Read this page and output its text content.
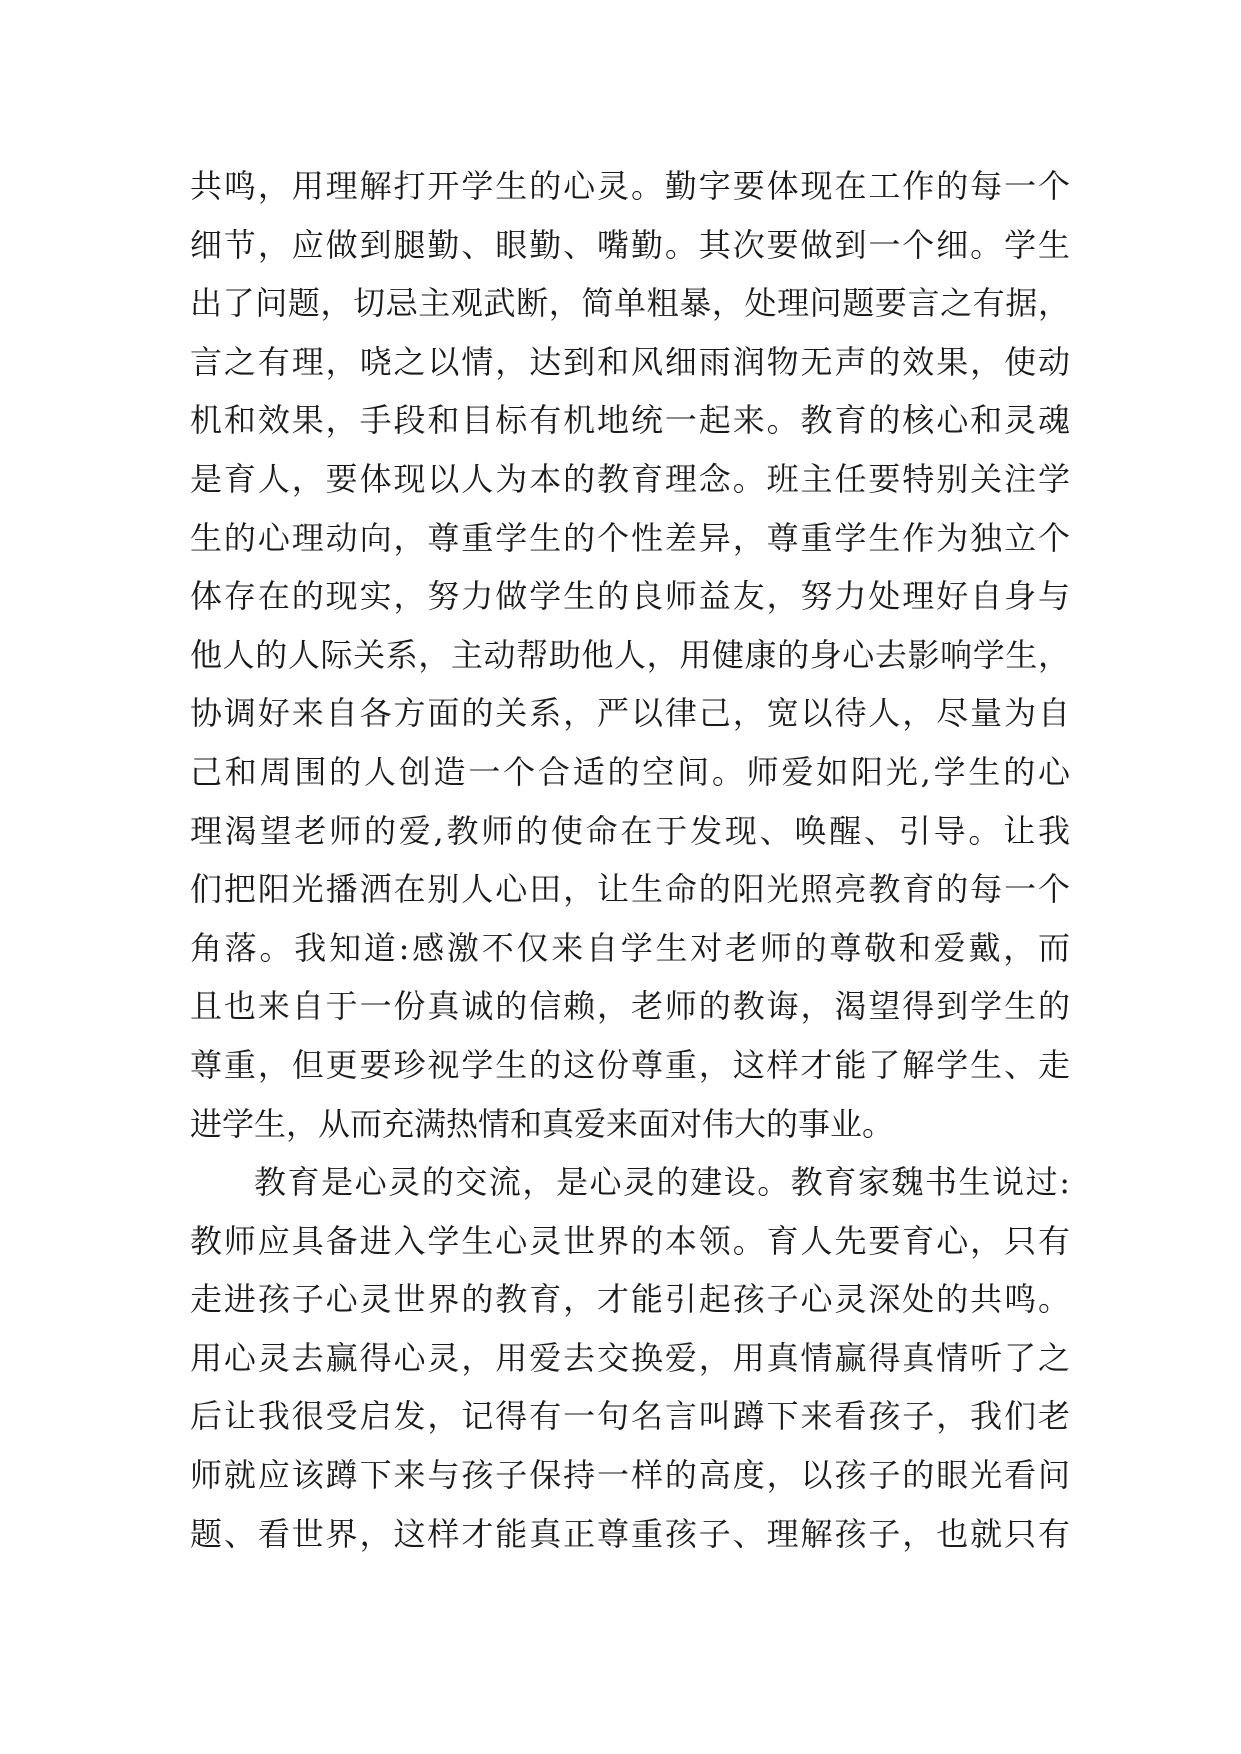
共鸣，用理解打开学生的心灵。勤字要体现在工作的每一个
细节，应做到腿勤、眼勤、嘴勤。其次要做到一个细。学生
出了问题，切忌主观武断，简单粗暴，处理问题要言之有据，
言之有理，哓之以情，达到和风细雨润物无声的效果，使动
机和效果，手段和目标有机地统一起来。教育的核心和灵魂
是育人，要体现以人为本的教育理念。班主任要特别关注学
生的心理动向，尊重学生的个性差异，尊重学生作为独立个
体存在的现实，努力做学生的良师益友，努力处理好自身与
他人的人际关系，主动帮助他人，用健康的身心去影响学生，
协调好来自各方面的关系，严以律己，宽以待人，尽量为自
己和周围的人创造一个合适的空间。师爱如阳光,学生的心
理渴望老师的爱,教师的使命在于发现、唤醒、引导。让我
们把阳光播洒在别人心田，让生命的阳光照亮教育的每一个
角落。我知道:感激不仅来自学生对老师的尊敬和爱戴，而
且也来自于一份真诚的信赖，老师的教诲，渴望得到学生的
尊重，但更要珍视学生的这份尊重，这样才能了解学生、走
进学生，从而充满热情和真爱来面对伟大的事业。
教育是心灵的交流，是心灵的建设。教育家魏书生说过:
教师应具备进入学生心灵世界的本领。育人先要育心，只有
走进孩子心灵世界的教育，才能引起孩子心灵深处的共鸣。
用心灵去赢得心灵，用爱去交换爱，用真情赢得真情听了之
后让我很受启发，记得有一句名言叫蹲下来看孩子，我们老
师就应该蹲下来与孩子保持一样的高度，以孩子的眼光看问
题、看世界，这样才能真正尊重孩子、理解孩子，也就只有
